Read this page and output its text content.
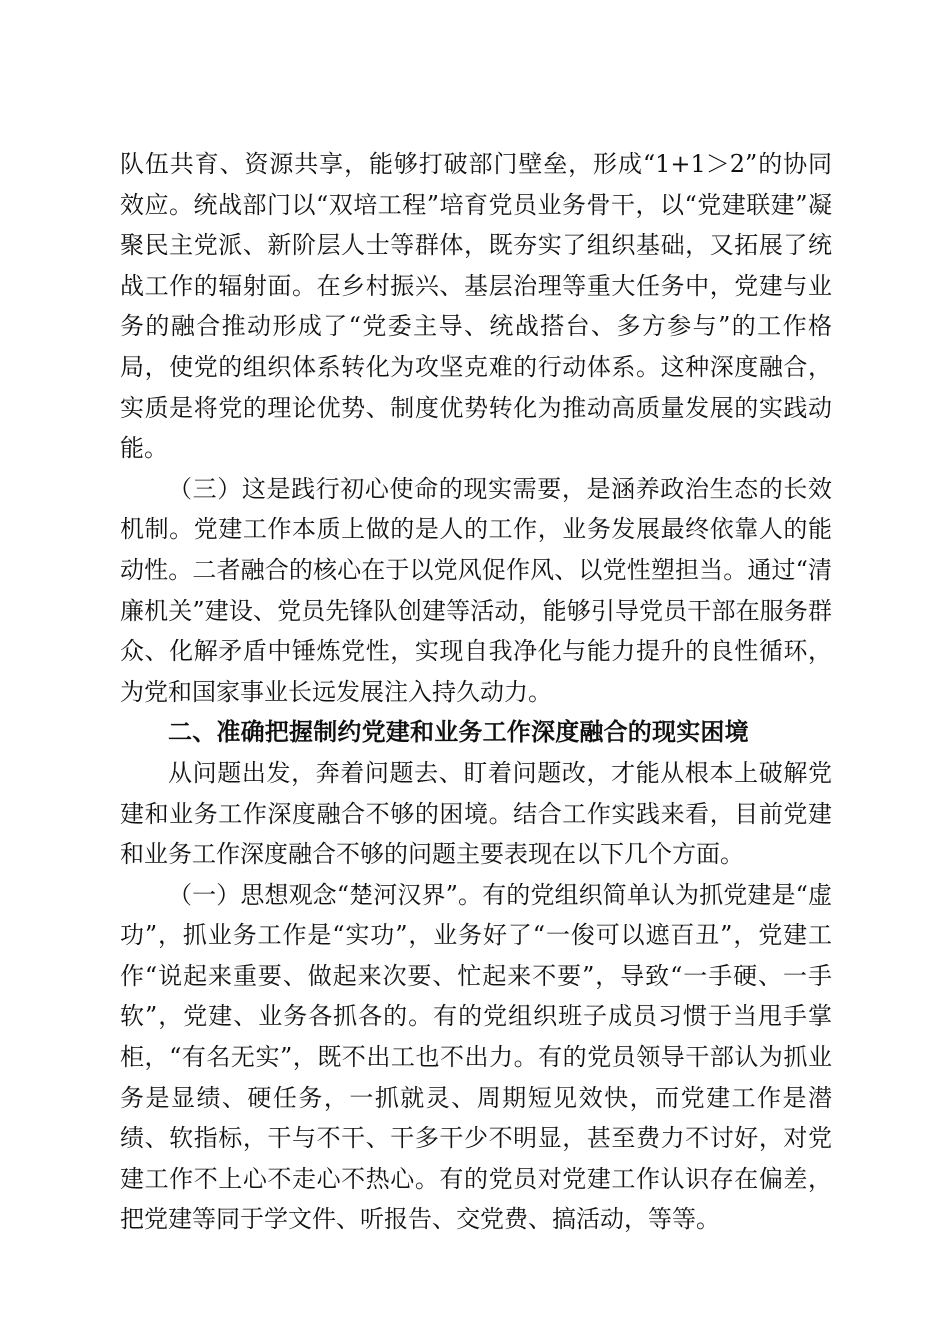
队伍共育、资源共享，能够打破部门壁垒，形成“1+1＞2”的协同效应。统战部门以“双培工程”培育党员业务骨干，以“党建联建”凝聚民主党派、新阶层人士等群体，既夯实了组织基础，又拓展了统战工作的辐射面。在乡村振兴、基层治理等重大任务中，党建与业务的融合推动形成了“党委主导、统战搭台、多方参与”的工作格局，使党的组织体系转化为攻坚克难的行动体系。这种深度融合，实质是将党的理论优势、制度优势转化为推动高质量发展的实践动能。

（三）这是践行初心使命的现实需要，是涵养政治生态的长效机制。党建工作本质上做的是人的工作，业务发展最终依靠人的能动性。二者融合的核心在于以党风促作风、以党性塑担当。通过“清廉机关”建设、党员先锋队创建等活动，能够引导党员干部在服务群众、化解矛盾中锤炼党性，实现自我净化与能力提升的良性循环，为党和国家事业长远发展注入持久动力。

二、准确把握制约党建和业务工作深度融合的现实困境

从问题出发，奔着问题去、盯着问题改，才能从根本上破解党建和业务工作深度融合不够的困境。结合工作实践来看，目前党建和业务工作深度融合不够的问题主要表现在以下几个方面。

（一）思想观念“楚河汉界”。有的党组织简单认为抓党建是“虚功”，抓业务工作是“实功”，业务好了“一俊可以遮百丑”，党建工作“说起来重要、做起来次要、忙起来不要”，导致“一手硬、一手软”，党建、业务各抓各的。有的党组织班子成员习惯于当甩手掌柜，“有名无实”，既不出工也不出力。有的党员领导干部认为抓业务是显绩、硬任务，一抓就灵、周期短见效快，而党建工作是潜绩、软指标，干与不干、干多干少不明显，甚至费力不讨好，对党建工作不上心不走心不热心。有的党员对党建工作认识存在偏差，把党建等同于学文件、听报告、交党费、搞活动，等等。
